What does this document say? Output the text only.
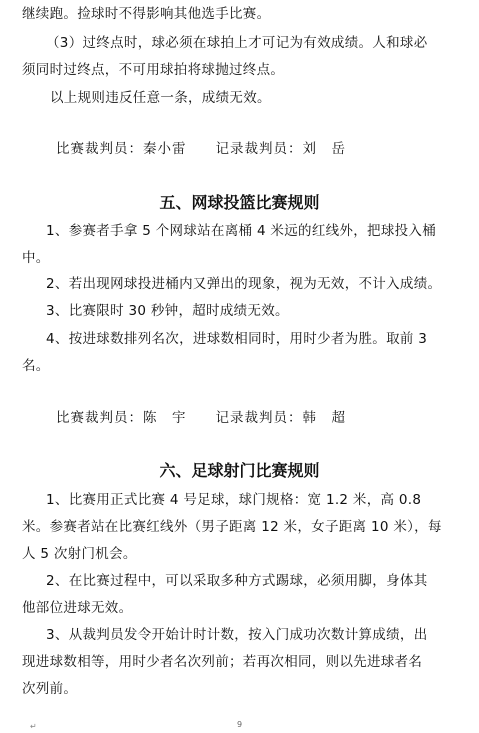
继续跑。捡球时不得影响其他选手比赛。
（3）过终点时，球必须在球拍上才可记为有效成绩。人和球必
须同时过终点，不可用球拍将球抛过终点。
以上规则违反任意一条，成绩无效。
比赛裁判员：秦小雷　　记录裁判员：刘　岳
五、网球投篮比赛规则
1、参赛者手拿 5 个网球站在离桶 4 米远的红线外，把球投入桶
中。
2、若出现网球投进桶内又弹出的现象，视为无效，不计入成绩。
3、比赛限时 30 秒钟，超时成绩无效。
4、按进球数排列名次，进球数相同时，用时少者为胜。取前 3
名。
比赛裁判员：陈　宇　　记录裁判员：韩　超
六、足球射门比赛规则
1、比赛用正式比赛 4 号足球，球门规格：宽 1.2 米，高 0.8
米。参赛者站在比赛红线外（男子距离 12 米，女子距离 10 米），每
人 5 次射门机会。
2、在比赛过程中，可以采取多种方式踢球，必须用脚，身体其
他部位进球无效。
3、从裁判员发令开始计时计数，按入门成功次数计算成绩，出
现进球数相等，用时少者名次列前；若再次相同，则以先进球者名
次列前。
↵	9
